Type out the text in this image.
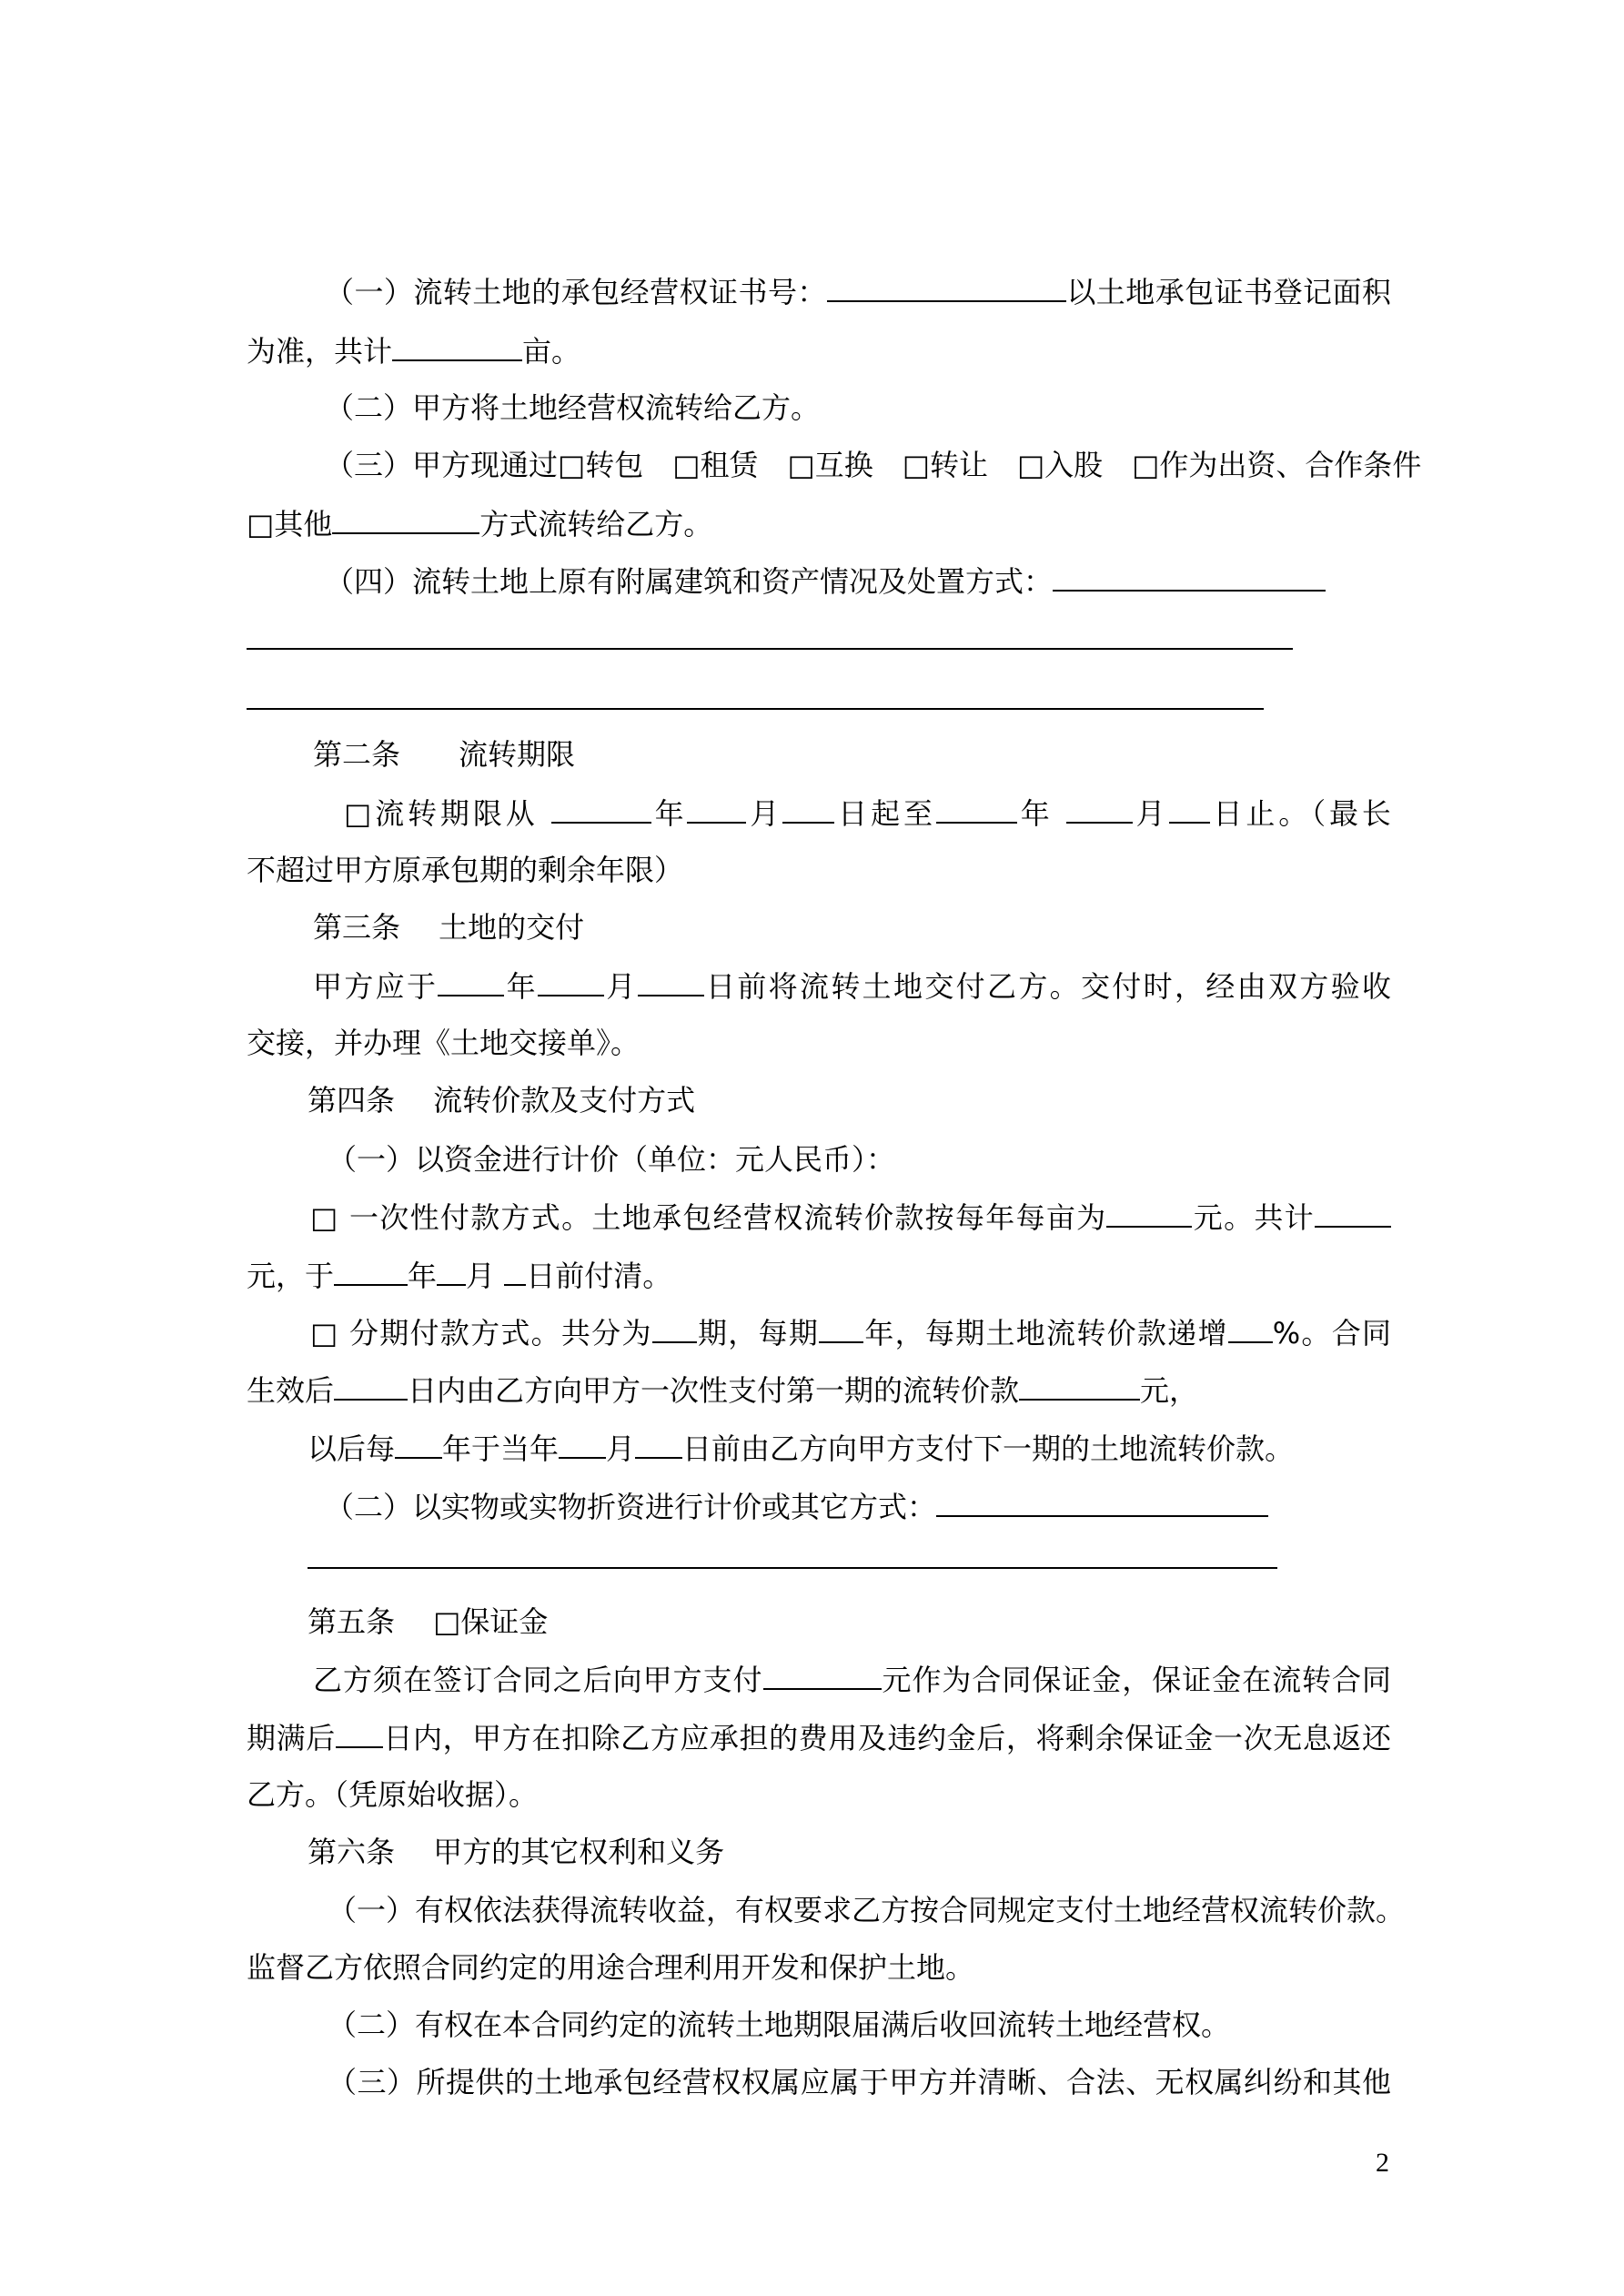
（一）流转土地的承包经营权证书号：	以土地承包证书登记面积
为准，共计	亩。
（二）甲方将土地经营权流转给乙方。
（三）甲方现通过□转包　□租赁　□互换　□转让　□入股　□作为出资、合作条件
□其他	方式流转给乙方。
（四）流转土地上原有附属建筑和资产情况及处置方式：
第二条　　流转期限
□流转期限从	年 月 日起至	年 月 日止。（最长
不超过甲方原承包期的剩余年限）
第三条　 土地的交付
甲方应于 年 月 日前将流转土地交付乙方。交付时，经由双方验收
交接，并办理《土地交接单》。
第四条　 流转价款及支付方式
（一）以资金进行计价（单位：元人民币）：
□ 一次性付款方式。土地承包经营权流转价款按每年每亩为	元。共计
元，于	年 月 日前付清。
□ 分期付款方式。共分为 期，每期 年，每期土地流转价款递增 %。合同
生效后	日内由乙方向甲方一次性支付第一期的流转价款	元，
以后每 年于当年 月 日前由乙方向甲方支付下一期的土地流转价款。
（二）以实物或实物折资进行计价或其它方式：
第五条　 □保证金
乙方须在签订合同之后向甲方支付	元作为合同保证金，保证金在流转合同
期满后 日内，甲方在扣除乙方应承担的费用及违约金后，将剩余保证金一次无息返还
乙方。（凭原始收据）。
第六条　 甲方的其它权利和义务
（一）有权依法获得流转收益，有权要求乙方按合同规定支付土地经营权流转价款。
监督乙方依照合同约定的用途合理利用开发和保护土地。
（二）有权在本合同约定的流转土地期限届满后收回流转土地经营权。
（三）所提供的土地承包经营权权属应属于甲方并清晰、合法、无权属纠纷和其他
2
